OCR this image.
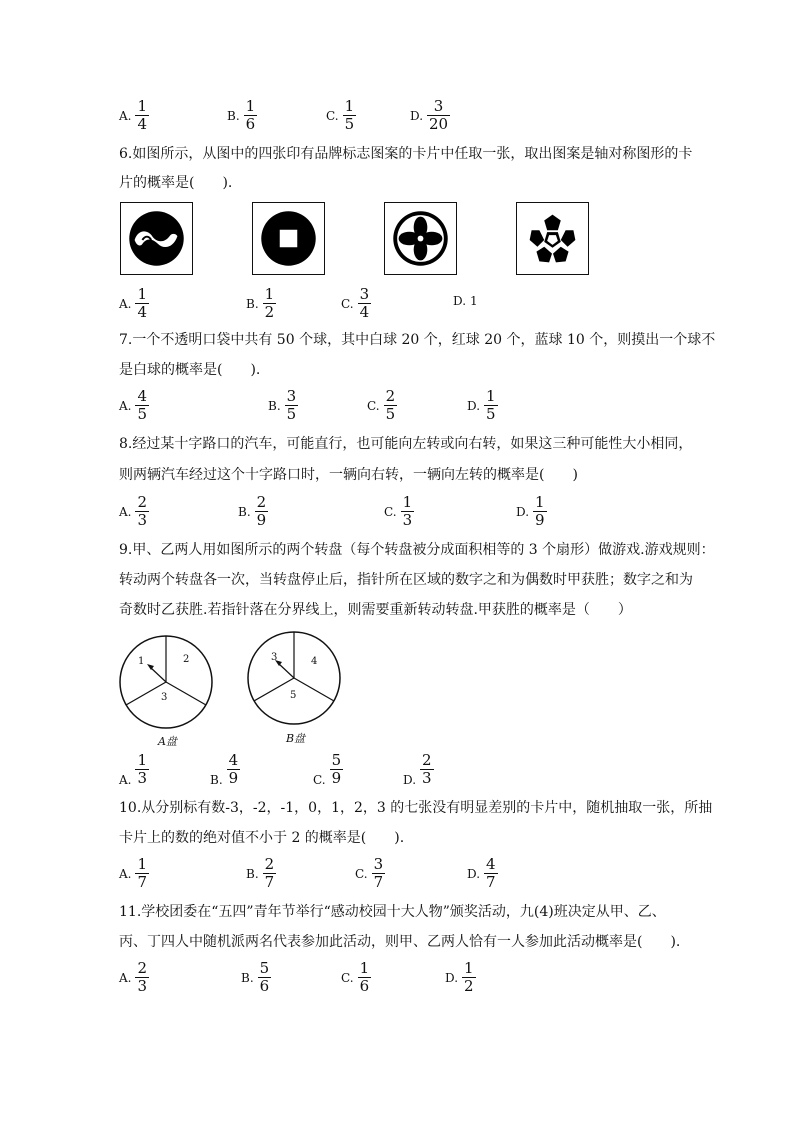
A. $\frac{1}{4}$	B. $\frac{1}{6}$	C. $\frac{1}{5}$	D. $\frac{3}{20}$
6.如图所示，从图中的四张印有品牌标志图案的卡片中任取一张，取出图案是轴对称图形的卡
片的概率是(　　).
A. $\frac{1}{4}$	B. $\frac{1}{2}$	C. $\frac{3}{4}$	D. 1
7.一个不透明口袋中共有 50 个球，其中白球 20 个，红球 20 个，蓝球 10 个，则摸出一个球不
是白球的概率是(　　).
A. $\frac{4}{5}$	B. $\frac{3}{5}$	C. $\frac{2}{5}$	D. $\frac{1}{5}$
8.经过某十字路口的汽车，可能直行，也可能向左转或向右转，如果这三种可能性大小相同，
则两辆汽车经过这个十字路口时，一辆向右转，一辆向左转的概率是(　　)
A. $\frac{2}{3}$	B. $\frac{2}{9}$	C. $\frac{1}{3}$	D. $\frac{1}{9}$
9.甲、乙两人用如图所示的两个转盘（每个转盘被分成面积相等的 3 个扇形）做游戏.游戏规则：
转动两个转盘各一次，当转盘停止后，指针所在区域的数字之和为偶数时甲获胜；数字之和为
奇数时乙获胜.若指针落在分界线上，则需要重新转动转盘.甲获胜的概率是（　　）
1	2
3
A盘
3	4
5
B盘
A. $\frac{1}{3}$	B. $\frac{4}{9}$	C. $\frac{5}{9}$	D. $\frac{2}{3}$
10.从分别标有数-3，-2，-1，0，1，2，3 的七张没有明显差别的卡片中，随机抽取一张，所抽
卡片上的数的绝对值不小于 2 的概率是(　　).
A. $\frac{1}{7}$	B. $\frac{2}{7}$	C. $\frac{3}{7}$	D. $\frac{4}{7}$
11.学校团委在“五四”青年节举行“感动校园十大人物”颁奖活动，九(4)班决定从甲、乙、
丙、丁四人中随机派两名代表参加此活动，则甲、乙两人恰有一人参加此活动概率是(　　).
A. $\frac{2}{3}$	B. $\frac{5}{6}$	C. $\frac{1}{6}$	D. $\frac{1}{2}$
